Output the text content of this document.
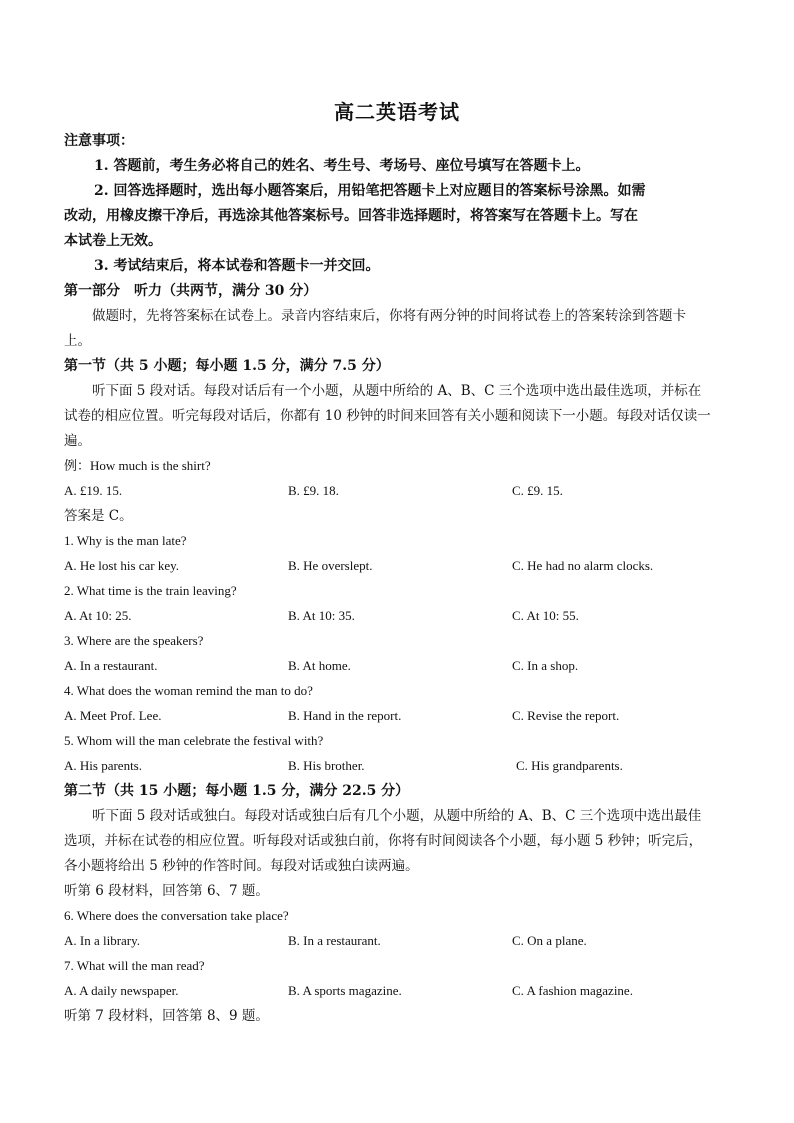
高二英语考试
注意事项：
1. 答题前，考生务必将自己的姓名、考生号、考场号、座位号填写在答题卡上。
2. 回答选择题时，选出每小题答案后，用铅笔把答题卡上对应题目的答案标号涂黑。如需
改动，用橡皮擦干净后，再选涂其他答案标号。回答非选择题时，将答案写在答题卡上。写在
本试卷上无效。
3. 考试结束后，将本试卷和答题卡一并交回。
第一部分　听力（共两节，满分 30 分）
做题时，先将答案标在试卷上。录音内容结束后，你将有两分钟的时间将试卷上的答案转涂到答题卡
上。
第一节（共 5 小题；每小题 1.5 分，满分 7.5 分）
听下面 5 段对话。每段对话后有一个小题，从题中所给的 A、B、C 三个选项中选出最佳选项，并标在
试卷的相应位置。听完每段对话后，你都有 10 秒钟的时间来回答有关小题和阅读下一小题。每段对话仅读一
遍。
例：How much is the shirt?
A. £19. 15.	B. £9. 18.	C. £9. 15.
答案是 C。
1. Why is the man late?
A. He lost his car key.	B. He overslept.	C. He had no alarm clocks.
2. What time is the train leaving?
A. At 10: 25.	B. At 10: 35.	C. At 10: 55.
3. Where are the speakers?
A. In a restaurant.	B. At home.	C. In a shop.
4. What does the woman remind the man to do?
A. Meet Prof. Lee.	B. Hand in the report.	C. Revise the report.
5. Whom will the man celebrate the festival with?
A. His parents.	B. His brother.	C. His grandparents.
第二节（共 15 小题；每小题 1.5 分，满分 22.5 分）
听下面 5 段对话或独白。每段对话或独白后有几个小题，从题中所给的 A、B、C 三个选项中选出最佳
选项，并标在试卷的相应位置。听每段对话或独白前，你将有时间阅读各个小题，每小题 5 秒钟；听完后，
各小题将给出 5 秒钟的作答时间。每段对话或独白读两遍。
听第 6 段材料，回答第 6、7 题。
6. Where does the conversation take place?
A. In a library.	B. In a restaurant.	C. On a plane.
7. What will the man read?
A. A daily newspaper.	B. A sports magazine.	C. A fashion magazine.
听第 7 段材料，回答第 8、9 题。
